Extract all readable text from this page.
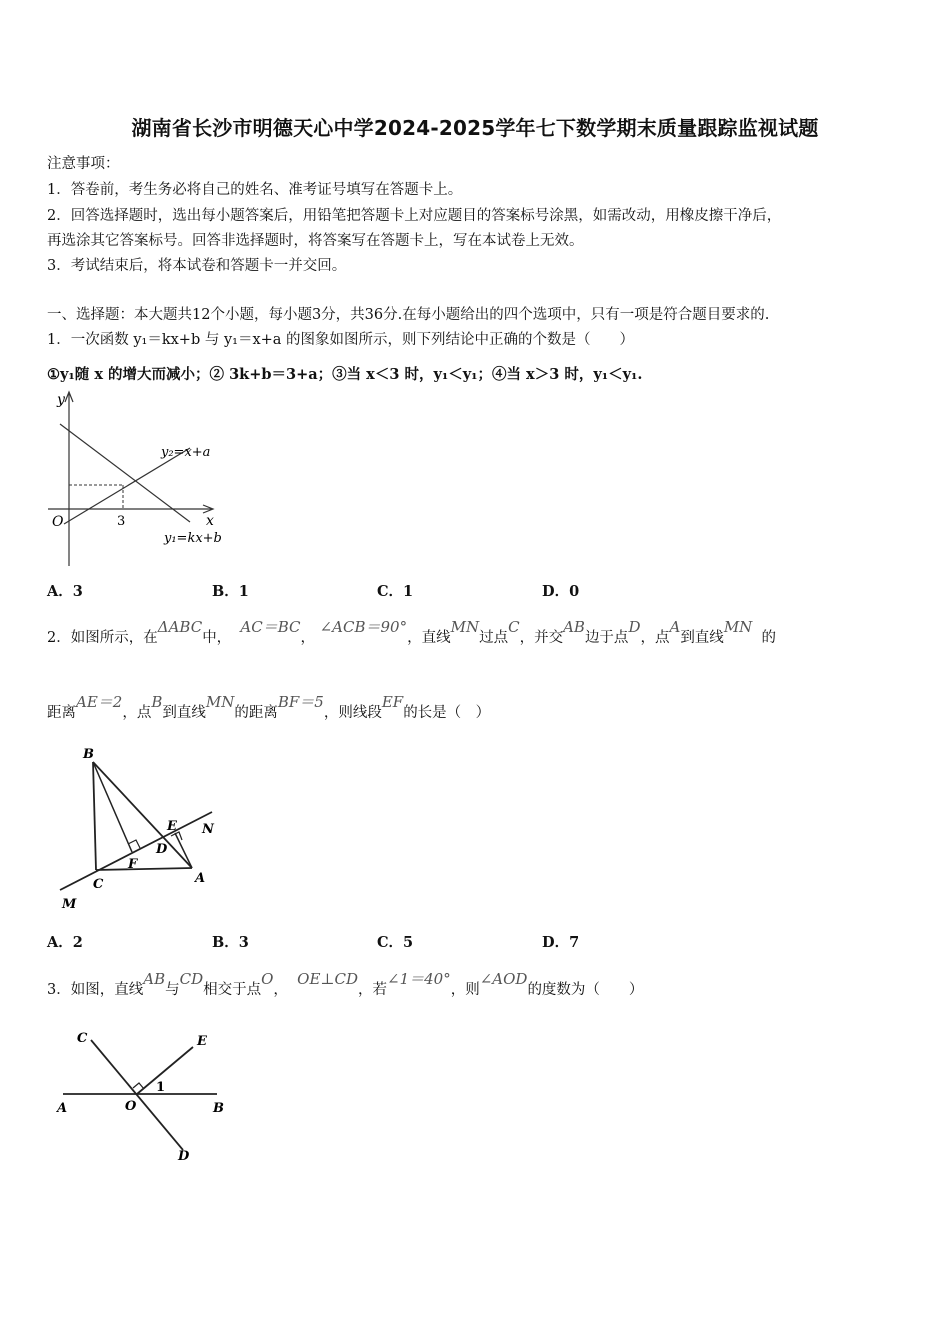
湖南省长沙市明德天心中学2024-2025学年七下数学期末质量跟踪监视试题
注意事项：
1．答卷前，考生务必将自己的姓名、准考证号填写在答题卡上。
2．回答选择题时，选出每小题答案后，用铅笔把答题卡上对应题目的答案标号涂黑，如需改动，用橡皮擦干净后，
再选涂其它答案标号。回答非选择题时，将答案写在答题卡上，写在本试卷上无效。
3．考试结束后，将本试卷和答题卡一并交回。
一、选择题：本大题共12个小题，每小题3分，共36分.在每小题给出的四个选项中，只有一项是符合题目要求的.
1．一次函数 y₁＝kx+b 与 y₁＝x+a 的图象如图所示，则下列结论中正确的个数是（　　）
①y₁随 x 的增大而减小；② 3k+b＝3+a；③当 x＜3 时，y₁＜y₁；④当 x＞3 时，y₁＜y₁.
y
x
O	3
y₂=x+a
y₁=kx+b
A．3	B．1	C．1	D．0
2．如图所示，在ΔABC中，  AC＝BC， ∠ACB＝90°，直线MN过点C，并交AB边于点D，点A到直线MN  的
距离AE＝2，点B到直线MN的距离BF＝5，则线段EF的长是（　）
B
E N
D
F
C	A
M
A．2	B．3	C．5	D．7
3．如图，直线AB与CD相交于点O，  OE⊥CD，若∠1＝40°，则∠AOD的度数为（　　）
C	E
A	O
1
B
D
